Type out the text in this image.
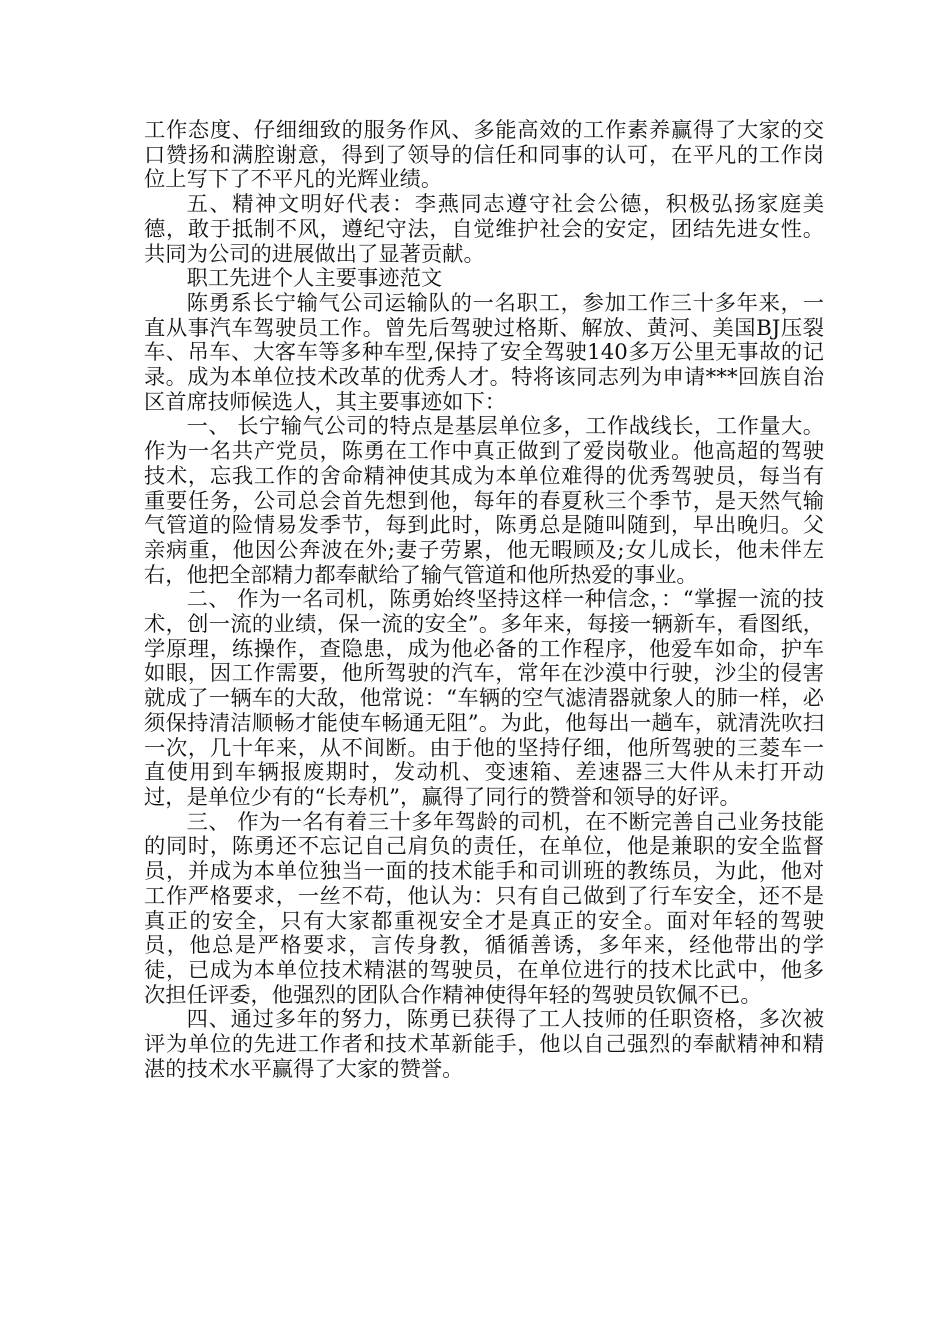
工作态度、仔细细致的服务作风、多能高效的工作素养赢得了大家的交口赞扬和满腔谢意，得到了领导的信任和同事的认可，在平凡的工作岗位上写下了不平凡的光辉业绩。

五、精神文明好代表：李燕同志遵守社会公德，积极弘扬家庭美德，敢于抵制不风，遵纪守法，自觉维护社会的安定，团结先进女性。共同为公司的进展做出了显著贡献。

职工先进个人主要事迹范文

陈勇系长宁输气公司运输队的一名职工，参加工作三十多年来，一直从事汽车驾驶员工作。曾先后驾驶过格斯、解放、黄河、美国BJ压裂车、吊车、大客车等多种车型,保持了安全驾驶140多万公里无事故的记录。成为本单位技术改革的优秀人才。特将该同志列为申请***回族自治区首席技师候选人，其主要事迹如下：

一、 长宁输气公司的特点是基层单位多，工作战线长，工作量大。作为一名共产党员，陈勇在工作中真正做到了爱岗敬业。他高超的驾驶技术，忘我工作的舍命精神使其成为本单位难得的优秀驾驶员，每当有重要任务，公司总会首先想到他，每年的春夏秋三个季节，是天然气输气管道的险情易发季节，每到此时，陈勇总是随叫随到，早出晚归。父亲病重，他因公奔波在外;妻子劳累，他无暇顾及;女儿成长，他未伴左右，他把全部精力都奉献给了输气管道和他所热爱的事业。

二、 作为一名司机，陈勇始终坚持这样一种信念，：“掌握一流的技术，创一流的业绩，保一流的安全”。多年来，每接一辆新车，看图纸，学原理，练操作，查隐患，成为他必备的工作程序，他爱车如命，护车如眼，因工作需要，他所驾驶的汽车，常年在沙漠中行驶，沙尘的侵害就成了一辆车的大敌，他常说：“车辆的空气滤清器就象人的肺一样，必须保持清洁顺畅才能使车畅通无阻”。为此，他每出一趟车，就清洗吹扫一次，几十年来，从不间断。由于他的坚持仔细，他所驾驶的三菱车一直使用到车辆报废期时，发动机、变速箱、差速器三大件从未打开动过，是单位少有的“长寿机”，赢得了同行的赞誉和领导的好评。

三、 作为一名有着三十多年驾龄的司机，在不断完善自己业务技能的同时，陈勇还不忘记自己肩负的责任，在单位，他是兼职的安全监督员，并成为本单位独当一面的技术能手和司训班的教练员，为此，他对工作严格要求，一丝不苟，他认为：只有自己做到了行车安全，还不是真正的安全，只有大家都重视安全才是真正的安全。面对年轻的驾驶员，他总是严格要求，言传身教，循循善诱，多年来，经他带出的学徒，已成为本单位技术精湛的驾驶员，在单位进行的技术比武中，他多次担任评委，他强烈的团队合作精神使得年轻的驾驶员钦佩不已。

四、通过多年的努力，陈勇已获得了工人技师的任职资格，多次被评为单位的先进工作者和技术革新能手，他以自己强烈的奉献精神和精湛的技术水平赢得了大家的赞誉。
